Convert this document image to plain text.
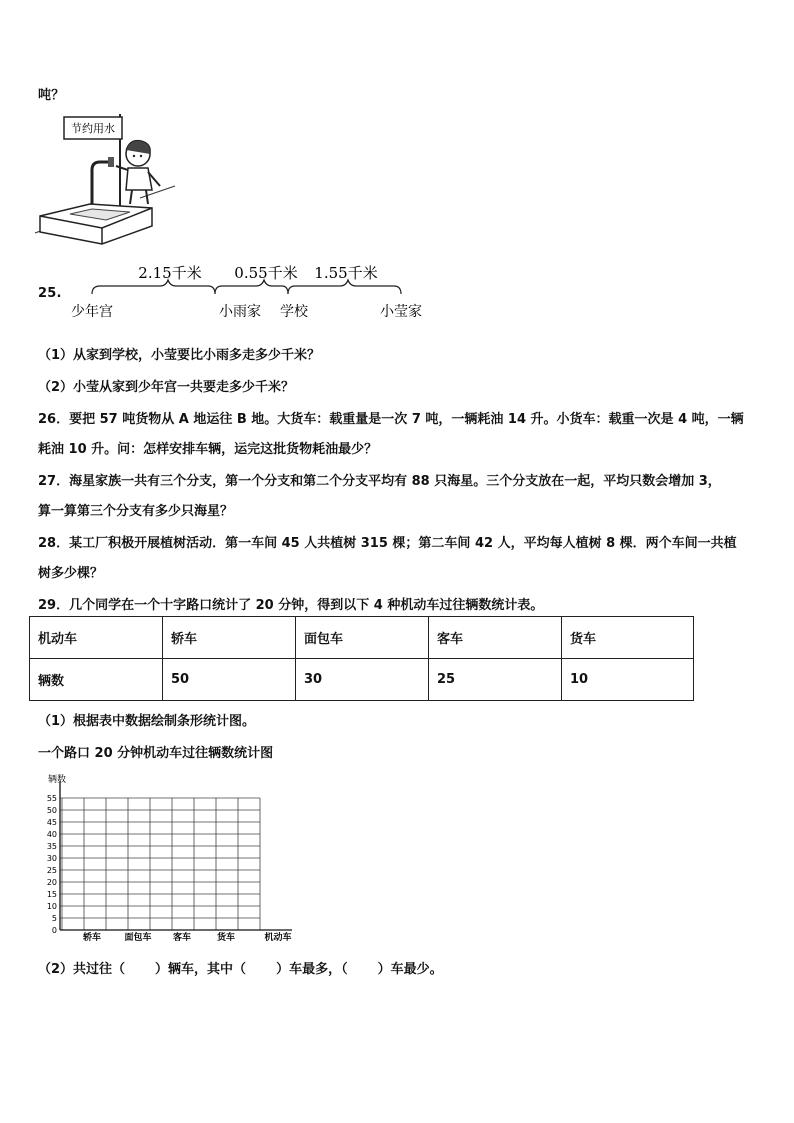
吨？
节约用水
25.
2.15千米 0.55千米 1.55千米
少年宫	小雨家 学校	小莹家
（1）从家到学校，小莹要比小雨多走多少千米？
（2）小莹从家到少年宫一共要走多少千米？
26．要把 57 吨货物从 A 地运往 B 地。大货车：载重量是一次 7 吨，一辆耗油 14 升。小货车：载重一次是 4 吨，一辆
耗油 10 升。问：怎样安排车辆，运完这批货物耗油最少？
27．海星家族一共有三个分支，第一个分支和第二个分支平均有 88 只海星。三个分支放在一起，平均只数会增加 3，
算一算第三个分支有多少只海星？
28．某工厂积极开展植树活动．第一车间 45 人共植树 315 棵；第二车间 42 人，平均每人植树 8 棵．两个车间一共植
树多少棵？
29．几个同学在一个十字路口统计了 20 分钟，得到以下 4 种机动车过往辆数统计表。
机动车	轿车	面包车	客车	货车
辆数	50	30	25	10
（1）根据表中数据绘制条形统计图。
一个路口 20 分钟机动车过往辆数统计图
辆数
0
5
10
15
20
25
30
35
40
45
50
55
轿车	面包车 客车	货车	机动车
（2）共过往（ ）辆车，其中（ ）车最多，（ ）车最少。
